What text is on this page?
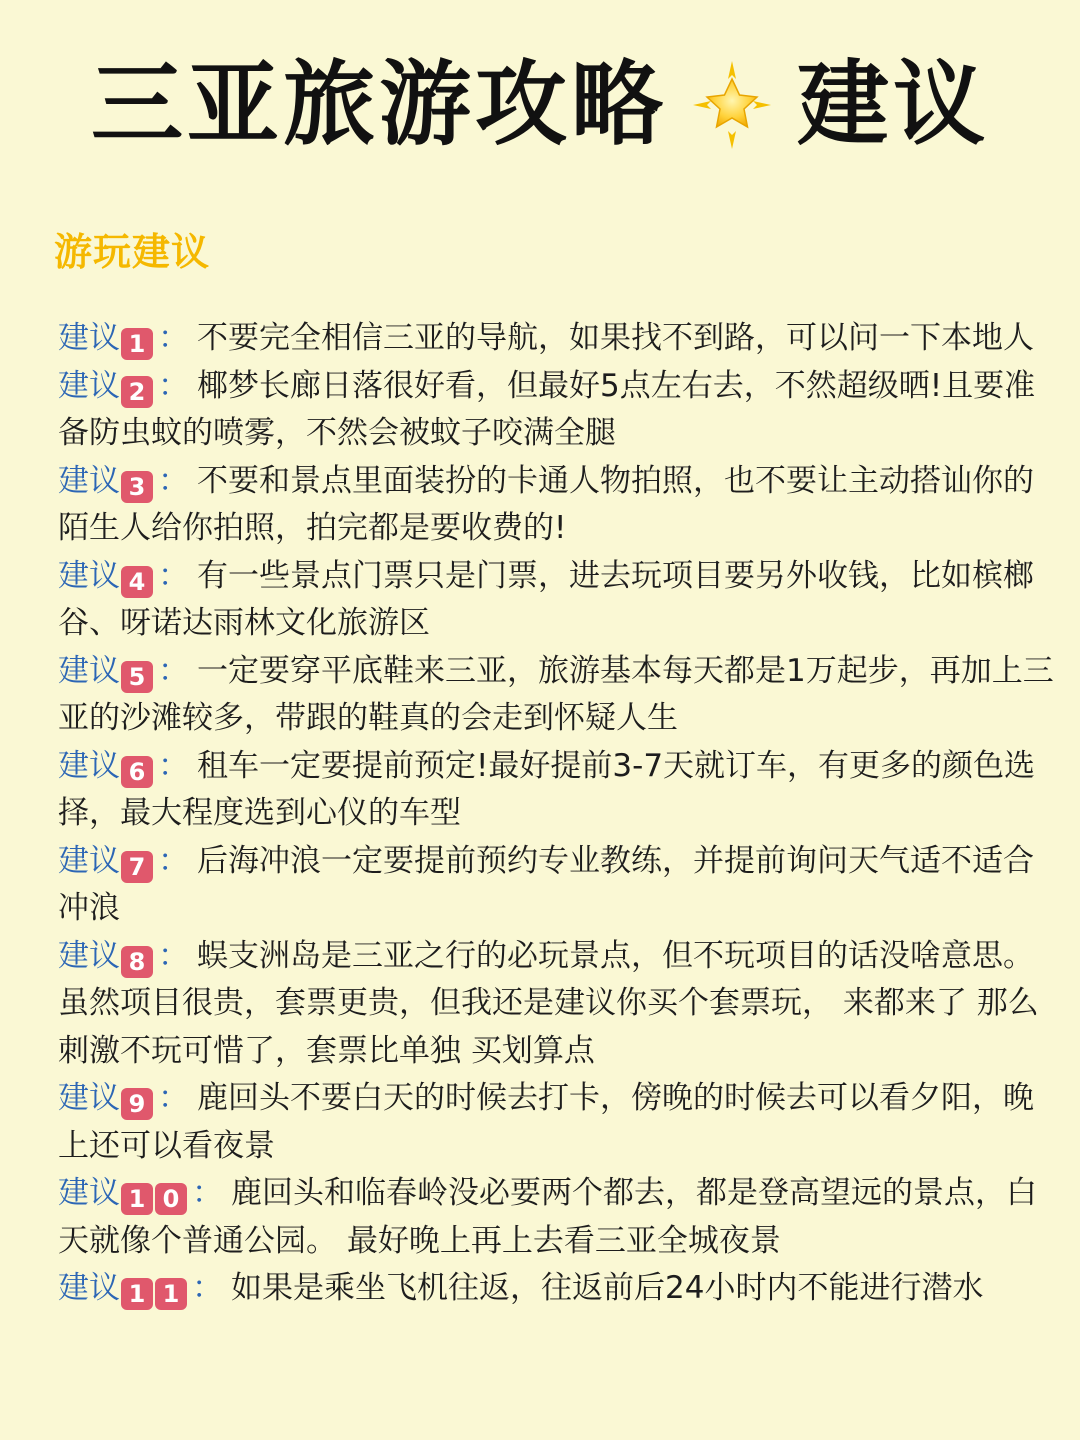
三亚旅游攻略 建议
游玩建议

建议 1 ： 不要完全相信三亚的导航，如果找不到路，可以问一下本地人

建议 2 ： 椰梦长廊日落很好看，但最好5点左右去，不然超级晒!且要准备防虫蚊的喷雾，不然会被蚊子咬满全腿

建议 3 ： 不要和景点里面装扮的卡通人物拍照，也不要让主动搭讪你的陌生人给你拍照，拍完都是要收费的!

建议 4 ： 有一些景点门票只是门票，进去玩项目要另外收钱，比如槟榔谷、呀诺达雨林文化旅游区

建议 5 ： 一定要穿平底鞋来三亚，旅游基本每天都是1万起步，再加上三亚的沙滩较多，带跟的鞋真的会走到怀疑人生

建议 6 ： 租车一定要提前预定!最好提前3-7天就订车，有更多的颜色选择，最大程度选到心仪的车型

建议 7 ： 后海冲浪一定要提前预约专业教练，并提前询问天气适不适合冲浪

建议 8 ： 蜈支洲岛是三亚之行的必玩景点，但不玩项目的话没啥意思。虽然项目很贵，套票更贵，但我还是建议你买个套票玩， 来都来了 那么刺激不玩可惜了，套票比单独 买划算点

建议 9 ： 鹿回头不要白天的时候去打卡，傍晚的时候去可以看夕阳，晚上还可以看夜景

建议 1 0 ： 鹿回头和临春岭没必要两个都去，都是登高望远的景点，白天就像个普通公园。 最好晚上再上去看三亚全城夜景

建议 1 1 ： 如果是乘坐飞机往返，往返前后24小时内不能进行潜水
